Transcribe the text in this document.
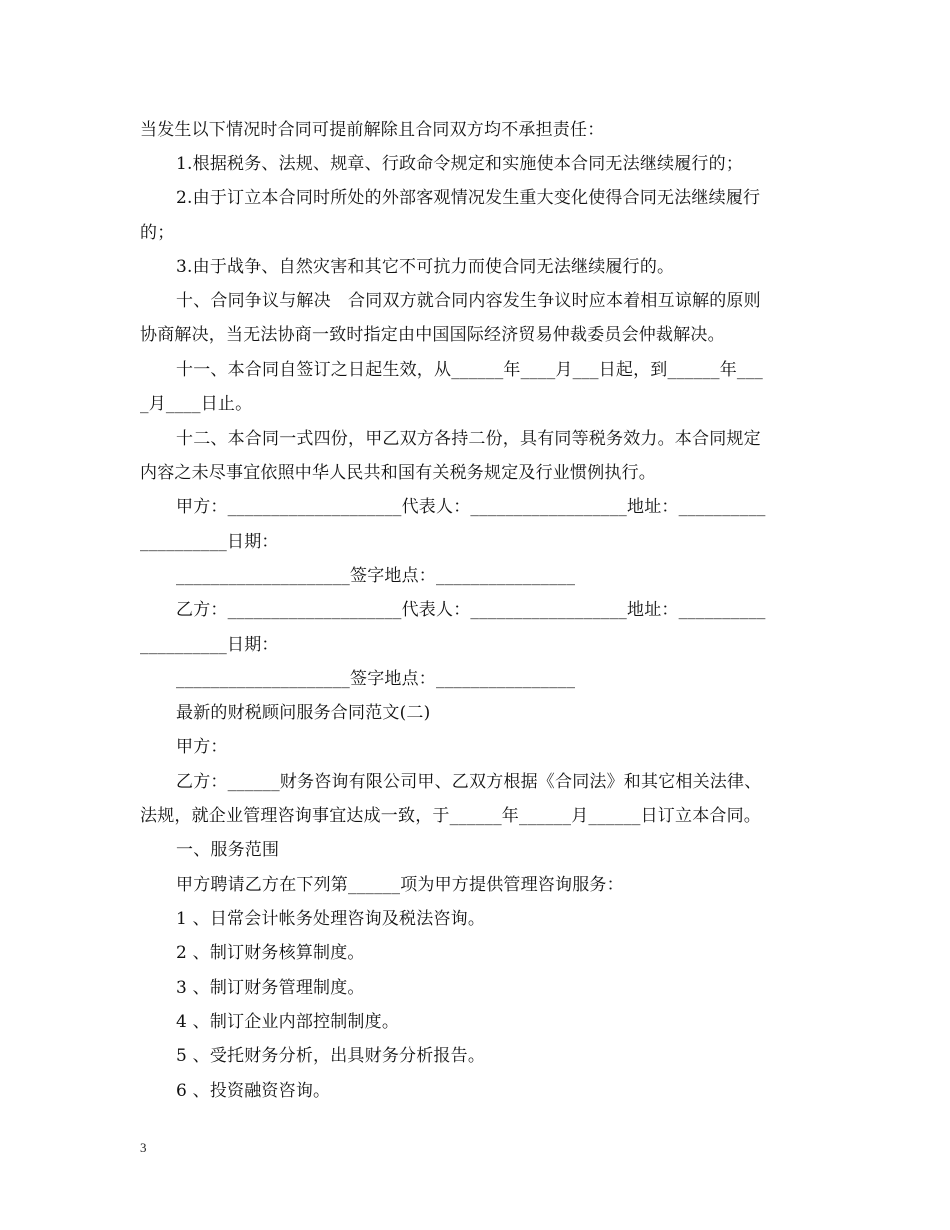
当发生以下情况时合同可提前解除且合同双方均不承担责任：
1.根据税务、法规、规章、行政命令规定和实施使本合同无法继续履行的；
2.由于订立本合同时所处的外部客观情况发生重大变化使得合同无法继续履行
的；
3.由于战争、自然灾害和其它不可抗力而使合同无法继续履行的。
十、合同争议与解决　合同双方就合同内容发生争议时应本着相互谅解的原则
协商解决，当无法协商一致时指定由中国国际经济贸易仲裁委员会仲裁解决。
十一、本合同自签订之日起生效，从______年____月___日起，到______年___
_月____日止。
十二、本合同一式四份，甲乙双方各持二份，具有同等税务效力。本合同规定
内容之未尽事宜依照中华人民共和国有关税务规定及行业惯例执行。
甲方：____________________代表人：__________________地址：__________
__________日期：
____________________签字地点：________________
乙方：____________________代表人：__________________地址：__________
__________日期：
____________________签字地点：________________
最新的财税顾问服务合同范文(二)
甲方：
乙方：______财务咨询有限公司甲、乙双方根据《合同法》和其它相关法律、
法规，就企业管理咨询事宜达成一致，于______年______月______日订立本合同。
一、服务范围
甲方聘请乙方在下列第______项为甲方提供管理咨询服务：
1 、日常会计帐务处理咨询及税法咨询。
2 、制订财务核算制度。
3 、制订财务管理制度。
4 、制订企业内部控制制度。
5 、受托财务分析，出具财务分析报告。
6 、投资融资咨询。
3
